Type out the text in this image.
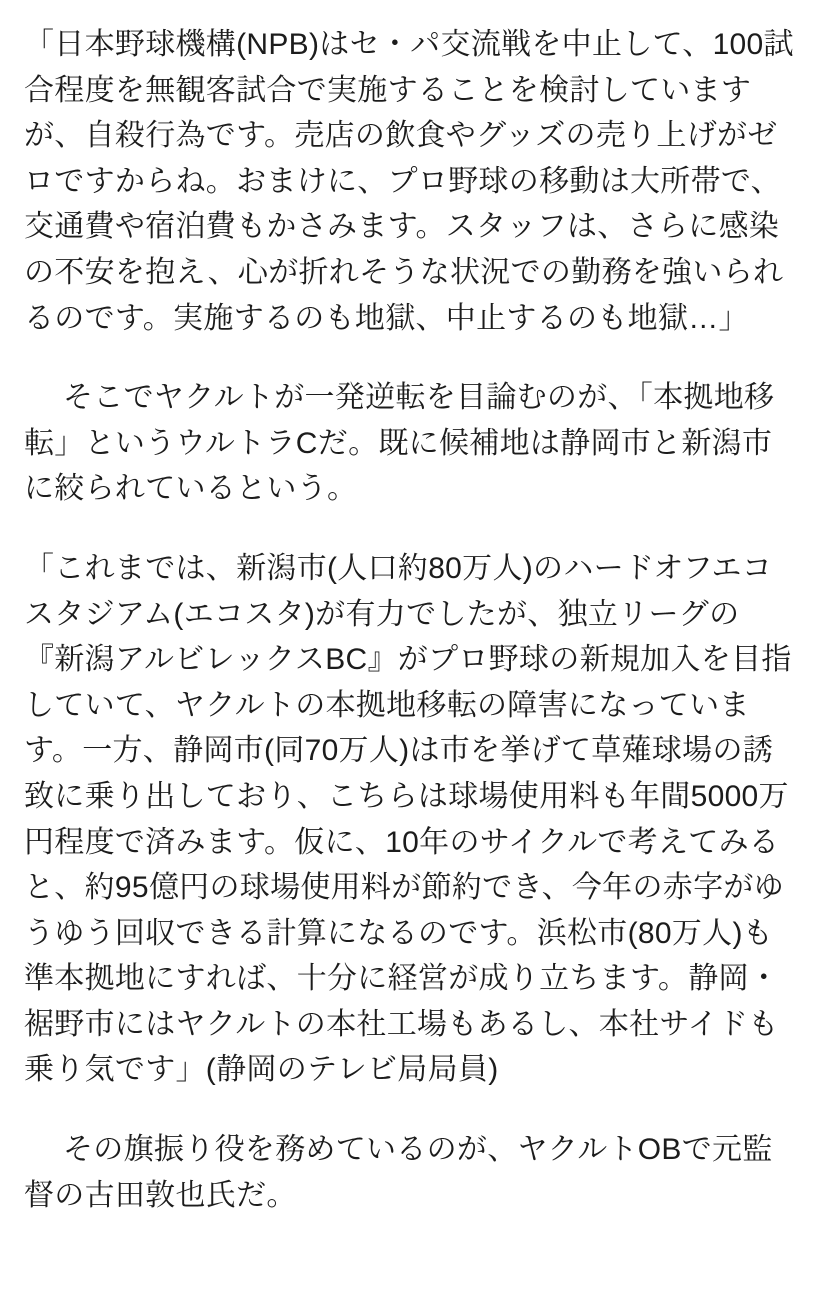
「日本野球機構(NPB)はセ・パ交流戦を中止して、100試合程度を無観客試合で実施することを検討していますが、自殺行為です。売店の飲食やグッズの売り上げがゼロですからね。おまけに、プロ野球の移動は大所帯で、交通費や宿泊費もかさみます。スタッフは、さらに感染の不安を抱え、心が折れそうな状況での勤務を強いられるのです。実施するのも地獄、中止するのも地獄…」

そこでヤクルトが一発逆転を目論むのが、「本拠地移転」というウルトラCだ。既に候補地は静岡市と新潟市に絞られているという。

「これまでは、新潟市(人口約80万人)のハードオフエコスタジアム(エコスタ)が有力でしたが、独立リーグの『新潟アルビレックスBC』がプロ野球の新規加入を目指していて、ヤクルトの本拠地移転の障害になっています。一方、静岡市(同70万人)は市を挙げて草薙球場の誘致に乗り出しており、こちらは球場使用料も年間5000万円程度で済みます。仮に、10年のサイクルで考えてみると、約95億円の球場使用料が節約でき、今年の赤字がゆうゆう回収できる計算になるのです。浜松市(80万人)も準本拠地にすれば、十分に経営が成り立ちます。静岡・裾野市にはヤクルトの本社工場もあるし、本社サイドも乗り気です」(静岡のテレビ局局員)

その旗振り役を務めているのが、ヤクルトOBで元監督の古田敦也氏だ。
